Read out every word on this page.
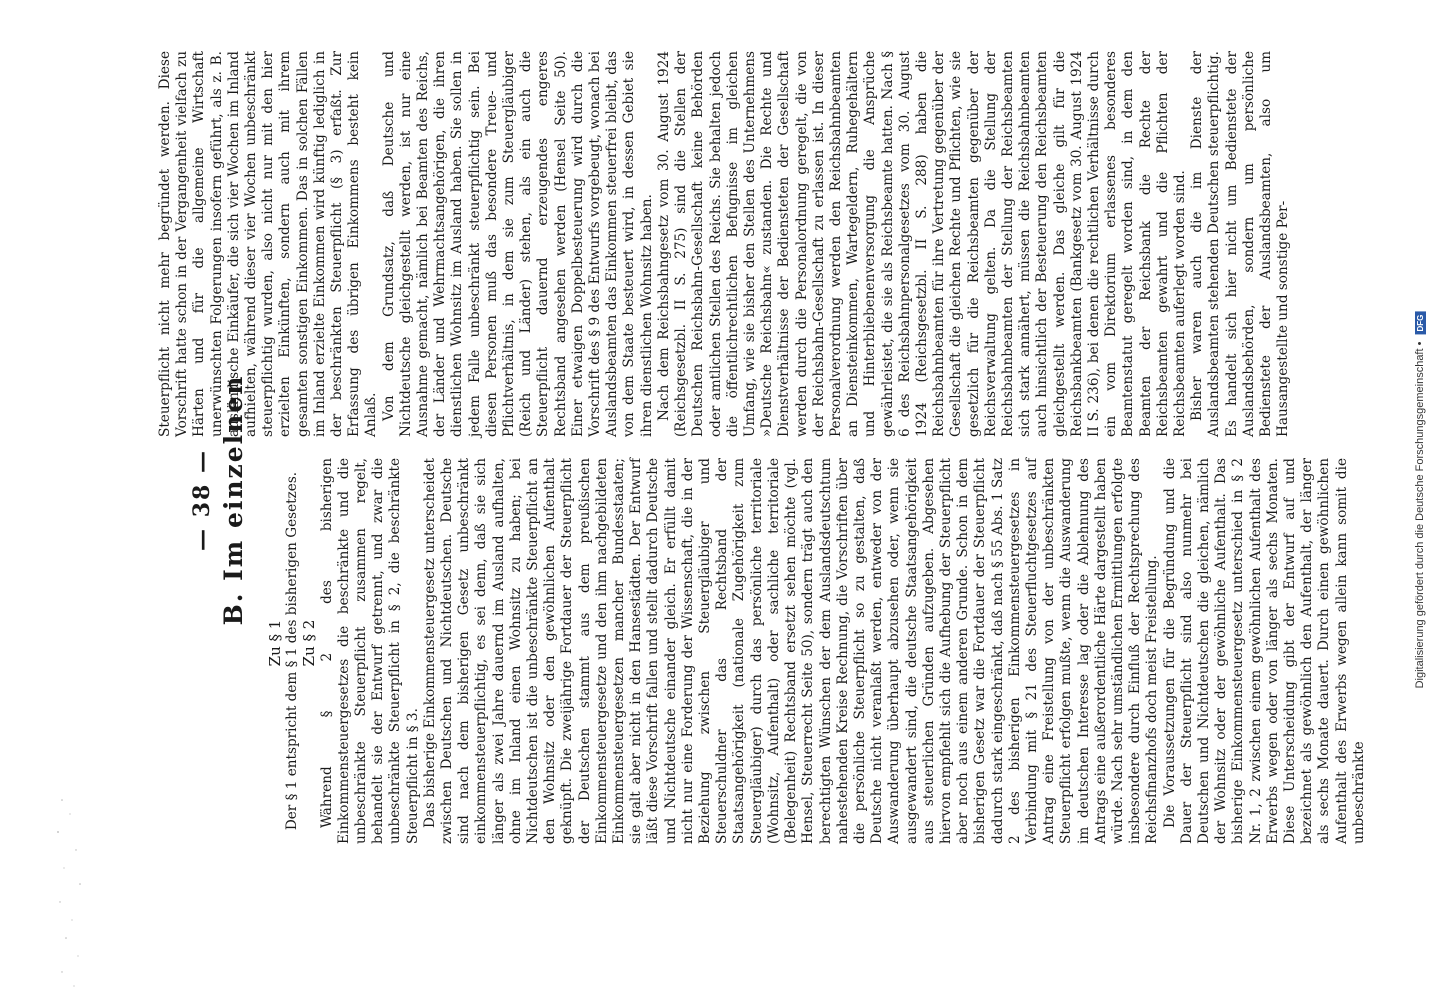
— 38 — B. Im einzelnen

Zu § 1 Der § 1 entspricht dem § 1 des bisherigen Gesetzes. Zu § 2 Während § 2 des bisherigen Einkommensteuergesetzes die beschränkte und die unbeschränkte Steuerpflicht zusammen regelt, behandelt sie der Entwurf getrennt, und zwar die unbeschränkte Steuerpflicht in § 2, die beschränkte Steuerpflicht in § 3. Das bisherige Einkommensteuergesetz unterscheidet zwischen Deutschen und Nichtdeutschen. Deutsche sind nach dem bisherigen Gesetz unbeschränkt einkommensteuerpflichtig, es sei denn, daß sie sich länger als zwei Jahre dauernd im Ausland aufhalten, ohne im Inland einen Wohnsitz zu haben; bei Nichtdeutschen ist die unbeschränkte Steuerpflicht an den Wohnsitz oder den gewöhnlichen Aufenthalt geknüpft. Die zweijährige Fortdauer der Steuerpflicht der Deutschen stammt aus dem preußischen Einkommensteuergesetze und den ihm nachgebildeten Einkommensteuergesetzen mancher Bundesstaaten; sie galt aber nicht in den Hansestädten. Der Entwurf läßt diese Vorschrift fallen und stellt dadurch Deutsche und Nichtdeutsche einander gleich. Er erfüllt damit nicht nur eine Forderung der Wissenschaft, die in der Beziehung zwischen Steuergläubiger und Steuerschuldner das Rechtsband der Staatsangehörigkeit (nationale Zugehörigkeit zum Steuergläubiger) durch das persönliche territoriale (Wohnsitz, Aufenthalt) oder sachliche territoriale (Belegenheit) Rechtsband ersetzt sehen möchte (vgl. Hensel, Steuerrecht Seite 50), sondern trägt auch den berechtigten Wünschen der dem Auslandsdeutschtum nahestehenden Kreise Rechnung, die Vorschriften über die persönliche Steuerpflicht so zu gestalten, daß Deutsche nicht veranlaßt werden, entweder von der Auswanderung überhaupt abzusehen oder, wenn sie ausgewandert sind, die deutsche Staatsangehörigkeit aus steuerlichen Gründen aufzugeben. Abgesehen hiervon empfiehlt sich die Aufhebung der Steuerpflicht aber noch aus einem anderen Grunde. Schon in dem bisherigen Gesetz war die Fortdauer der Steuerpflicht dadurch stark eingeschränkt, daß nach § 55 Abs. 1 Satz 2 des bisherigen Einkommensteuergesetzes in Verbindung mit § 21 des Steuerfluchtgesetzes auf Antrag eine Freistellung von der unbeschränkten Steuerpflicht erfolgen mußte, wenn die Auswanderung im deutschen Interesse lag oder die Ablehnung des Antrags eine außerordentliche Härte dargestellt haben würde. Nach sehr umständlichen Ermittlungen erfolgte insbesondere durch Einfluß der Rechtsprechung des Reichsfinanzhofs doch meist Freistellung. Die Voraussetzungen für die Begründung und die Dauer der Steuerpflicht sind also nunmehr bei Deutschen und Nichtdeutschen die gleichen, nämlich der Wohnsitz oder der gewöhnliche Aufenthalt. Das bisherige Einkommensteuergesetz unterschied in § 2 Nr. 1, 2 zwischen einem gewöhnlichen Aufenthalt des Erwerbs wegen oder von länger als sechs Monaten. Diese Unterscheidung gibt der Entwurf auf und bezeichnet als gewöhnlich den Aufenthalt, der länger als sechs Monate dauert. Durch einen gewöhnlichen Aufenthalt des Erwerbs wegen allein kann somit die unbeschränkte

Steuerpflicht nicht mehr begründet werden. Diese Vorschrift hatte schon in der Vergangenheit vielfach zu Härten und für die allgemeine Wirtschaft unerwünschten Folgerungen insofern geführt, als z. B. ausländische Einkäufer, die sich vier Wochen im Inland aufhielten, während dieser vier Wochen unbeschränkt steuerpflichtig wurden, also nicht nur mit den hier erzielten Einkünften, sondern auch mit ihrem gesamten sonstigen Einkommen. Das in solchen Fällen im Inland erzielte Einkommen wird künftig lediglich in der beschränkten Steuerpflicht (§ 3) erfaßt. Zur Erfassung des übrigen Einkommens besteht kein Anlaß. Von dem Grundsatz, daß Deutsche und Nichtdeutsche gleichgestellt werden, ist nur eine Ausnahme gemacht, nämlich bei Beamten des Reichs, der Länder und Wehrmachtsangehörigen, die ihren dienstlichen Wohnsitz im Ausland haben. Sie sollen in jedem Falle unbeschränkt steuerpflichtig sein. Bei diesen Personen muß das besondere Treue- und Pflichtverhältnis, in dem sie zum Steuergläubiger (Reich und Länder) stehen, als ein auch die Steuerpflicht dauernd erzeugendes engeres Rechtsband angesehen werden (Hensel Seite 50). Einer etwaigen Doppelbesteuerung wird durch die Vorschrift des § 9 des Entwurfs vorgebeugt, wonach bei Auslandsbeamten das Einkommen steuerfrei bleibt, das von dem Staate besteuert wird, in dessen Gebiet sie ihren dienstlichen Wohnsitz haben. Nach dem Reichsbahngesetz vom 30. August 1924 (Reichsgesetzbl. II S. 275) sind die Stellen der Deutschen Reichsbahn-Gesellschaft keine Behörden oder amtlichen Stellen des Reichs. Sie behalten jedoch die öffentlichrechtlichen Befugnisse im gleichen Umfang, wie sie bisher den Stellen des Unternehmens »Deutsche Reichsbahn« zustanden. Die Rechte und Dienstverhältnisse der Bediensteten der Gesellschaft werden durch die Personalordnung geregelt, die von der Reichsbahn-Gesellschaft zu erlassen ist. In dieser Personalverordnung werden den Reichsbahnbeamten an Diensteinkommen, Wartegeldern, Ruhegehältern und Hinterbliebenenversorgung die Ansprüche gewährleistet, die sie als Reichsbeamte hatten. Nach § 6 des Reichsbahnpersonalgesetzes vom 30. August 1924 (Reichsgesetzbl. II S. 288) haben die Reichsbahnbeamten für ihre Vertretung gegenüber der Gesellschaft die gleichen Rechte und Pflichten, wie sie gesetzlich für die Reichsbeamten gegenüber der Reichsverwaltung gelten. Da die Stellung der Reichsbahnbeamten der Stellung der Reichsbeamten sich stark annähert, müssen die Reichsbahnbeamten auch hinsichtlich der Besteuerung den Reichsbeamten gleichgestellt werden. Das gleiche gilt für die Reichsbankbeamten (Bankgesetz vom 30. August 1924 II S. 236), bei denen die rechtlichen Verhältnisse durch ein vom Direktorium erlassenes besonderes Beamtenstatut geregelt worden sind, in dem den Beamten der Reichsbank die Rechte der Reichsbeamten gewahrt und die Pflichten der Reichsbeamten auferlegt worden sind. Bisher waren auch die im Dienste der Auslandsbeamten stehenden Deutschen steuerpflichtig. Es handelt sich hier nicht um Bedienstete der Auslandsbehörden, sondern um persönliche Bedienstete der Auslandsbeamten, also um Hausangestellte und sonstige Per-

Digitalisierung gefördert durch die Deutsche Forschungsgemeinschaft • DFG
